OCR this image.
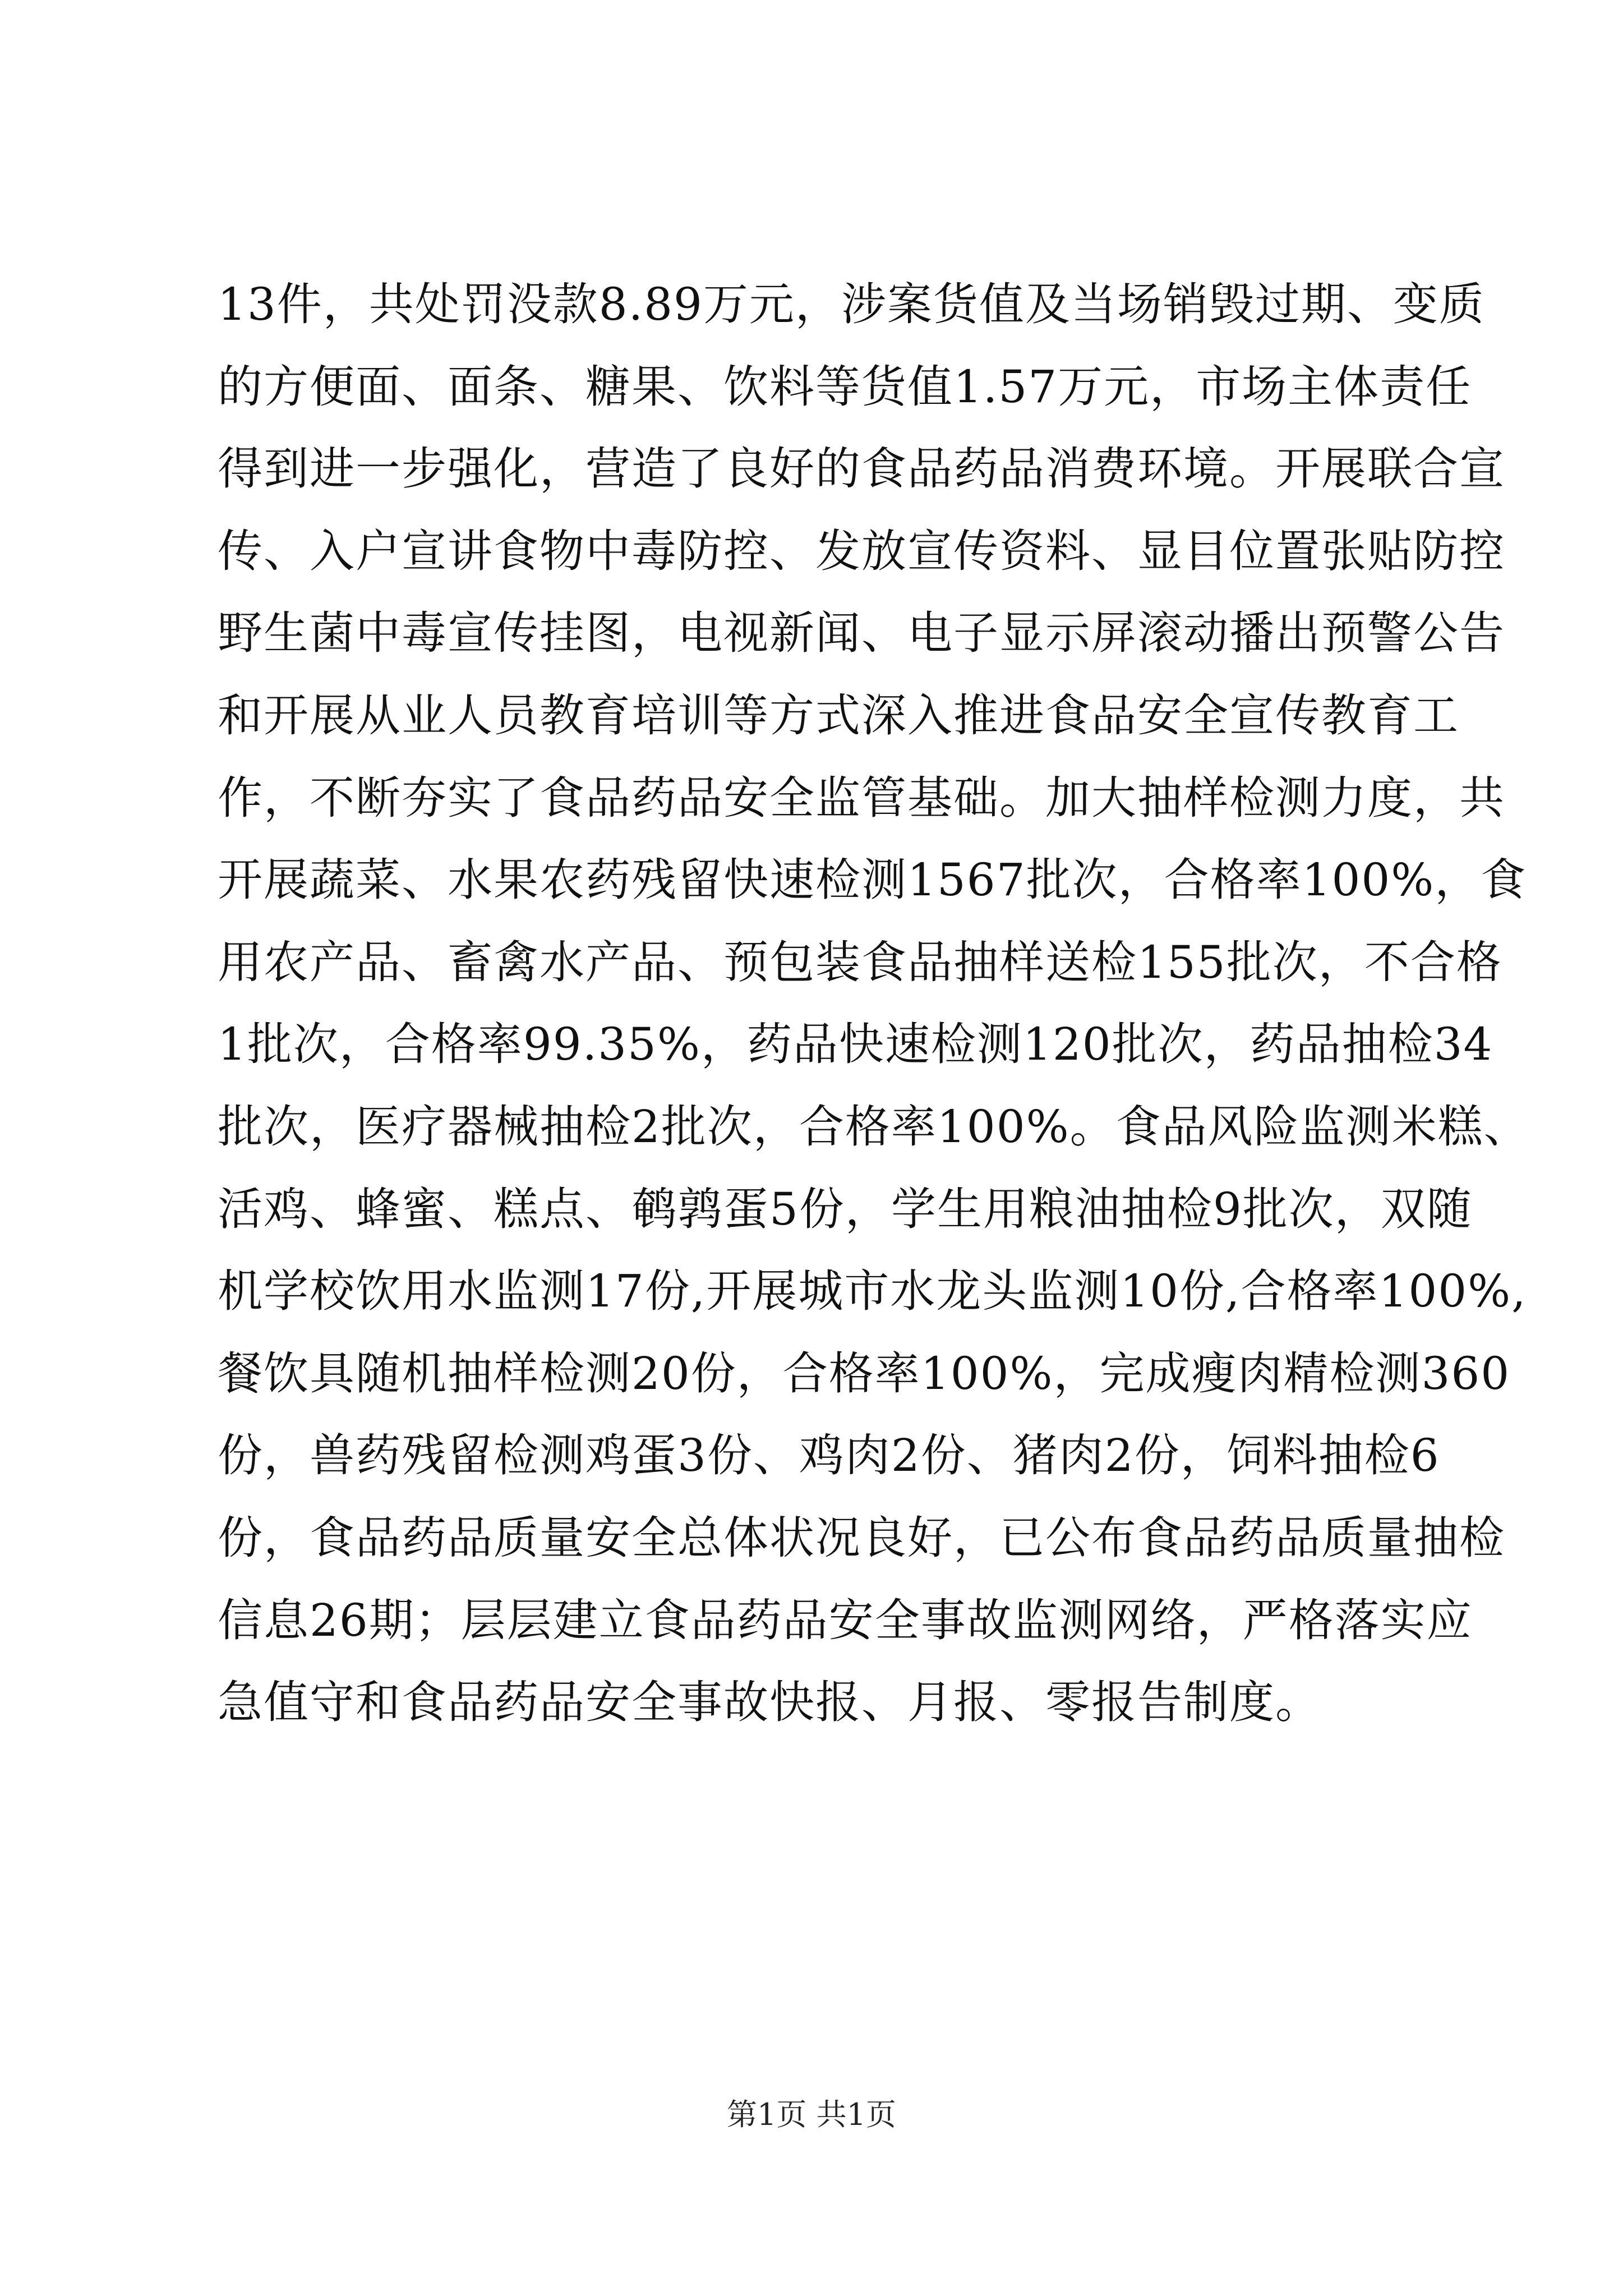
13件，共处罚没款8.89万元，涉案货值及当场销毁过期、变质
的方便面、面条、糖果、饮料等货值1.57万元，市场主体责任
得到进一步强化，营造了良好的食品药品消费环境。开展联合宣
传、入户宣讲食物中毒防控、发放宣传资料、显目位置张贴防控
野生菌中毒宣传挂图，电视新闻、电子显示屏滚动播出预警公告
和开展从业人员教育培训等方式深入推进食品安全宣传教育工
作，不断夯实了食品药品安全监管基础。加大抽样检测力度，共
开展蔬菜、水果农药残留快速检测1567批次，合格率100%，食
用农产品、畜禽水产品、预包装食品抽样送检155批次，不合格
1批次，合格率99.35%，药品快速检测120批次，药品抽检34
批次，医疗器械抽检2批次，合格率100%。食品风险监测米糕、
活鸡、蜂蜜、糕点、鹌鹑蛋5份，学生用粮油抽检9批次，双随
机学校饮用水监测17份,开展城市水龙头监测10份,合格率100%,
餐饮具随机抽样检测20份，合格率100%，完成瘦肉精检测360
份，兽药残留检测鸡蛋3份、鸡肉2份、猪肉2份，饲料抽检6
份，食品药品质量安全总体状况良好，已公布食品药品质量抽检
信息26期；层层建立食品药品安全事故监测网络，严格落实应
急值守和食品药品安全事故快报、月报、零报告制度。
第1页 共1页
